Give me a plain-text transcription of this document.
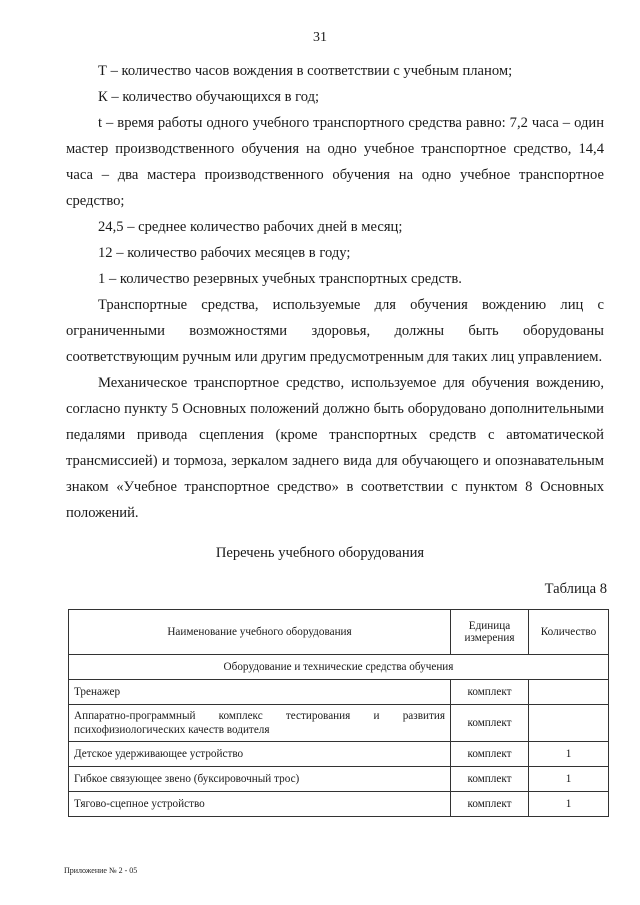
31

Т – количество часов вождения в соответствии с учебным планом;

К – количество обучающихся в год;

t – время работы одного учебного транспортного средства равно: 7,2 часа – один мастер производственного обучения на одно учебное транспортное средство, 14,4 часа – два мастера производственного обучения на одно учебное транспортное средство;

24,5 – среднее количество рабочих дней в месяц;

12 – количество рабочих месяцев в году;

1 – количество резервных учебных транспортных средств.

Транспортные средства, используемые для обучения вождению лиц с ограниченными возможностями здоровья, должны быть оборудованы соответствующим ручным или другим предусмотренным для таких лиц управлением.

Механическое транспортное средство, используемое для обучения вождению, согласно пункту 5 Основных положений должно быть оборудовано дополнительными педалями привода сцепления (кроме транспортных средств с автоматической трансмиссией) и тормоза, зеркалом заднего вида для обучающего и опознавательным знаком «Учебное транспортное средство» в соответствии с пунктом 8 Основных положений.

Перечень учебного оборудования
Таблица 8
Наименование учебного оборудования	Единица измерения	Количество
Оборудование и технические средства обучения		
Тренажер	комплект	
Аппаратно-программный комплекс тестирования и развития психофизиологических качеств водителя	комплект	
Детское удерживающее устройство	комплект	1
Гибкое связующее звено (буксировочный трос)	комплект	1
Тягово-сцепное устройство	комплект	1
Приложение № 2 - 05
